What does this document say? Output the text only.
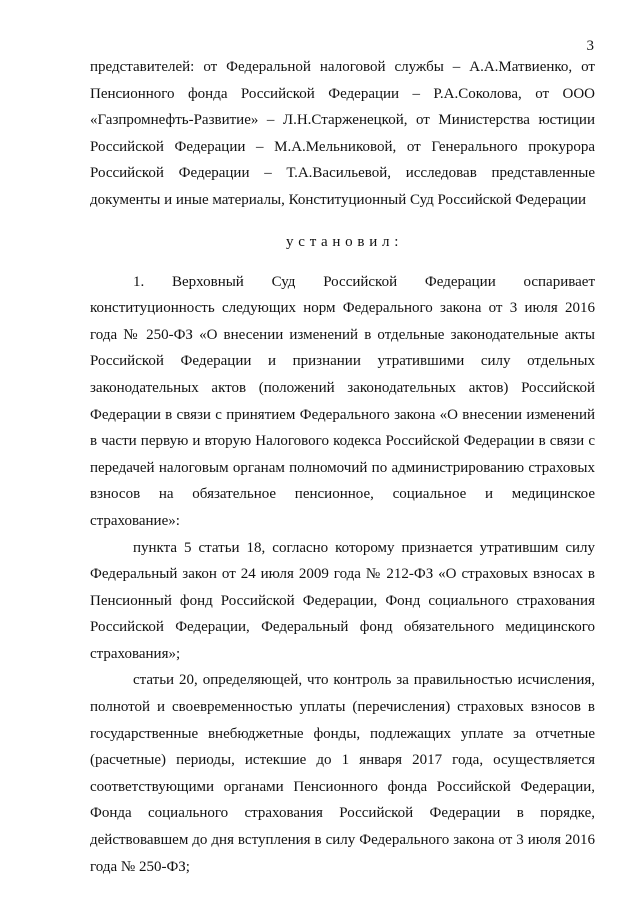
3

представителей: от Федеральной налоговой службы – А.А.Матвиенко, от Пенсионного фонда Российской Федерации – Р.А.Соколова, от ООО «Газпромнефть-Развитие» – Л.Н.Старженецкой, от Министерства юстиции Российской Федерации – М.А.Мельниковой, от Генерального прокурора Российской Федерации – Т.А.Васильевой, исследовав представленные документы и иные материалы, Конституционный Суд Российской Федерации

у с т а н о в и л :

1. Верховный Суд Российской Федерации оспаривает конституционность следующих норм Федерального закона от 3 июля 2016 года № 250-ФЗ «О внесении изменений в отдельные законодательные акты Российской Федерации и признании утратившими силу отдельных законодательных актов (положений законодательных актов) Российской Федерации в связи с принятием Федерального закона «О внесении изменений в части первую и вторую Налогового кодекса Российской Федерации в связи с передачей налоговым органам полномочий по администрированию страховых взносов на обязательное пенсионное, социальное и медицинское страхование»:

пункта 5 статьи 18, согласно которому признается утратившим силу Федеральный закон от 24 июля 2009 года № 212-ФЗ «О страховых взносах в Пенсионный фонд Российской Федерации, Фонд социального страхования Российской Федерации, Федеральный фонд обязательного медицинского страхования»;

статьи 20, определяющей, что контроль за правильностью исчисления, полнотой и своевременностью уплаты (перечисления) страховых взносов в государственные внебюджетные фонды, подлежащих уплате за отчетные (расчетные) периоды, истекшие до 1 января 2017 года, осуществляется соответствующими органами Пенсионного фонда Российской Федерации, Фонда социального страхования Российской Федерации в порядке, действовавшем до дня вступления в силу Федерального закона от 3 июля 2016 года № 250-ФЗ;
